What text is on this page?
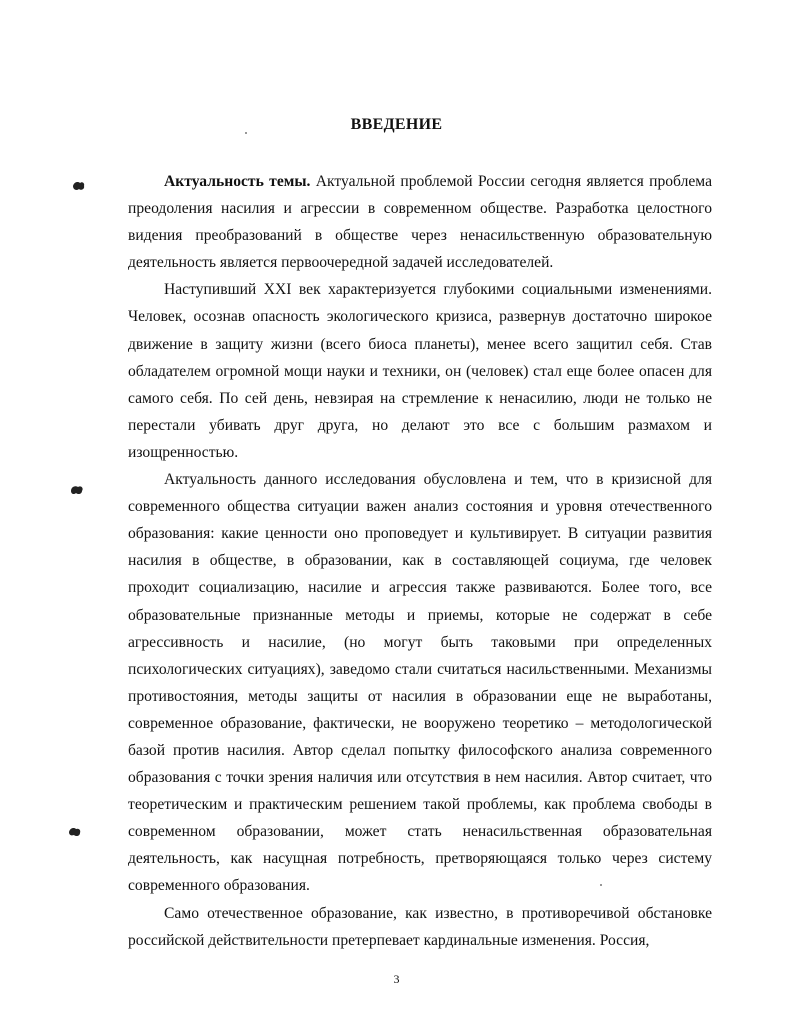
ВВЕДЕНИЕ

Актуальность темы. Актуальной проблемой России сегодня является проблема преодоления насилия и агрессии в современном обществе. Разработка целостного видения преобразований в обществе через ненасильственную образовательную деятельность является первоочередной задачей исследователей.

Наступивший XXI век характеризуется глубокими социальными изменениями. Человек, осознав опасность экологического кризиса, развернув достаточно широкое движение в защиту жизни (всего биоса планеты), менее всего защитил себя. Став обладателем огромной мощи науки и техники, он (человек) стал еще более опасен для самого себя. По сей день, невзирая на стремление к ненасилию, люди не только не перестали убивать друг друга, но делают это все с большим размахом и изощренностью.

Актуальность данного исследования обусловлена и тем, что в кризисной для современного общества ситуации важен анализ состояния и уровня отечественного образования: какие ценности оно проповедует и культивирует. В ситуации развития насилия в обществе, в образовании, как в составляющей социума, где человек проходит социализацию, насилие и агрессия также развиваются. Более того, все образовательные признанные методы и приемы, которые не содержат в себе агрессивность и насилие, (но могут быть таковыми при определенных психологических ситуациях), заведомо стали считаться насильственными. Механизмы противостояния, методы защиты от насилия в образовании еще не выработаны, современное образование, фактически, не вооружено теоретико – методологической базой против насилия. Автор сделал попытку философского анализа современного образования с точки зрения наличия или отсутствия в нем насилия. Автор считает, что теоретическим и практическим решением такой проблемы, как проблема свободы в современном образовании, может стать ненасильственная образовательная деятельность, как насущная потребность, претворяющаяся только через систему современного образования.

Само отечественное образование, как известно, в противоречивой обстановке российской действительности претерпевает кардинальные изменения. Россия,

3
